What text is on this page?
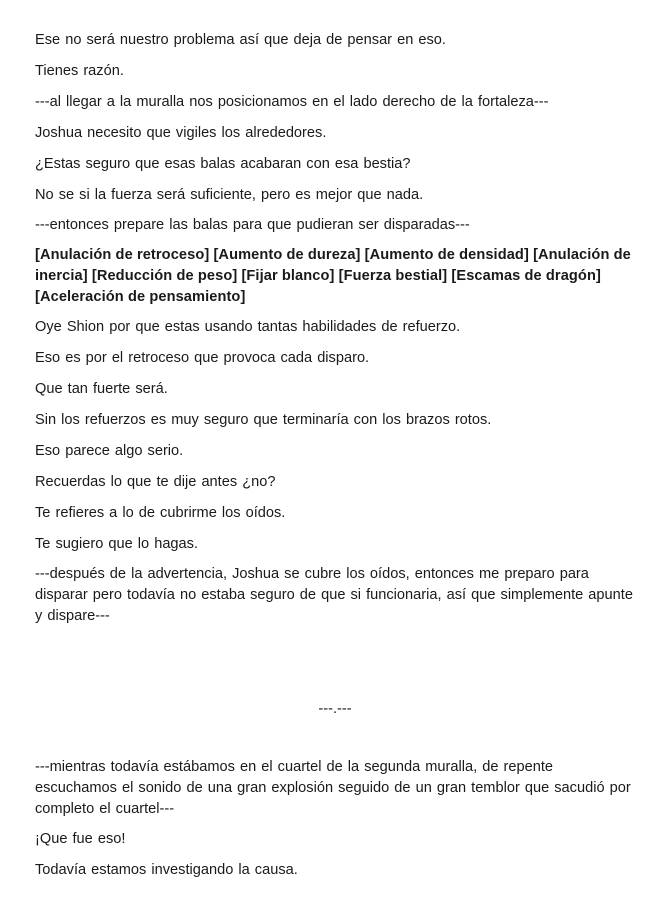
Ese no será nuestro problema así que deja de pensar en eso.

Tienes razón.

---al llegar a la muralla nos posicionamos en el lado derecho de la fortaleza---

Joshua necesito que vigiles los alrededores.

¿Estas seguro que esas balas acabaran con esa bestia?

No se si la fuerza será suficiente, pero es mejor que nada.

---entonces prepare las balas para que pudieran ser disparadas---

[Anulación de retroceso] [Aumento de dureza] [Aumento de densidad] [Anulación de inercia] [Reducción de peso] [Fijar blanco] [Fuerza bestial] [Escamas de dragón] [Aceleración de pensamiento]

Oye Shion por que estas usando tantas habilidades de refuerzo.

Eso es por el retroceso que provoca cada disparo.

Que tan fuerte será.

Sin los refuerzos es muy seguro que terminaría con los brazos rotos.

Eso parece algo serio.

Recuerdas lo que te dije antes ¿no?

Te refieres a lo de cubrirme los oídos.

Te sugiero que lo hagas.

---después de la advertencia, Joshua se cubre los oídos, entonces me preparo para disparar pero todavía no estaba seguro de que si funcionaria, así que simplemente apunte y dispare---

---.---

---mientras todavía estábamos en el cuartel de la segunda muralla, de repente escuchamos el sonido de una gran explosión seguido de un gran temblor que sacudió por completo el cuartel---

¡Que fue eso!

Todavía estamos investigando la causa.
